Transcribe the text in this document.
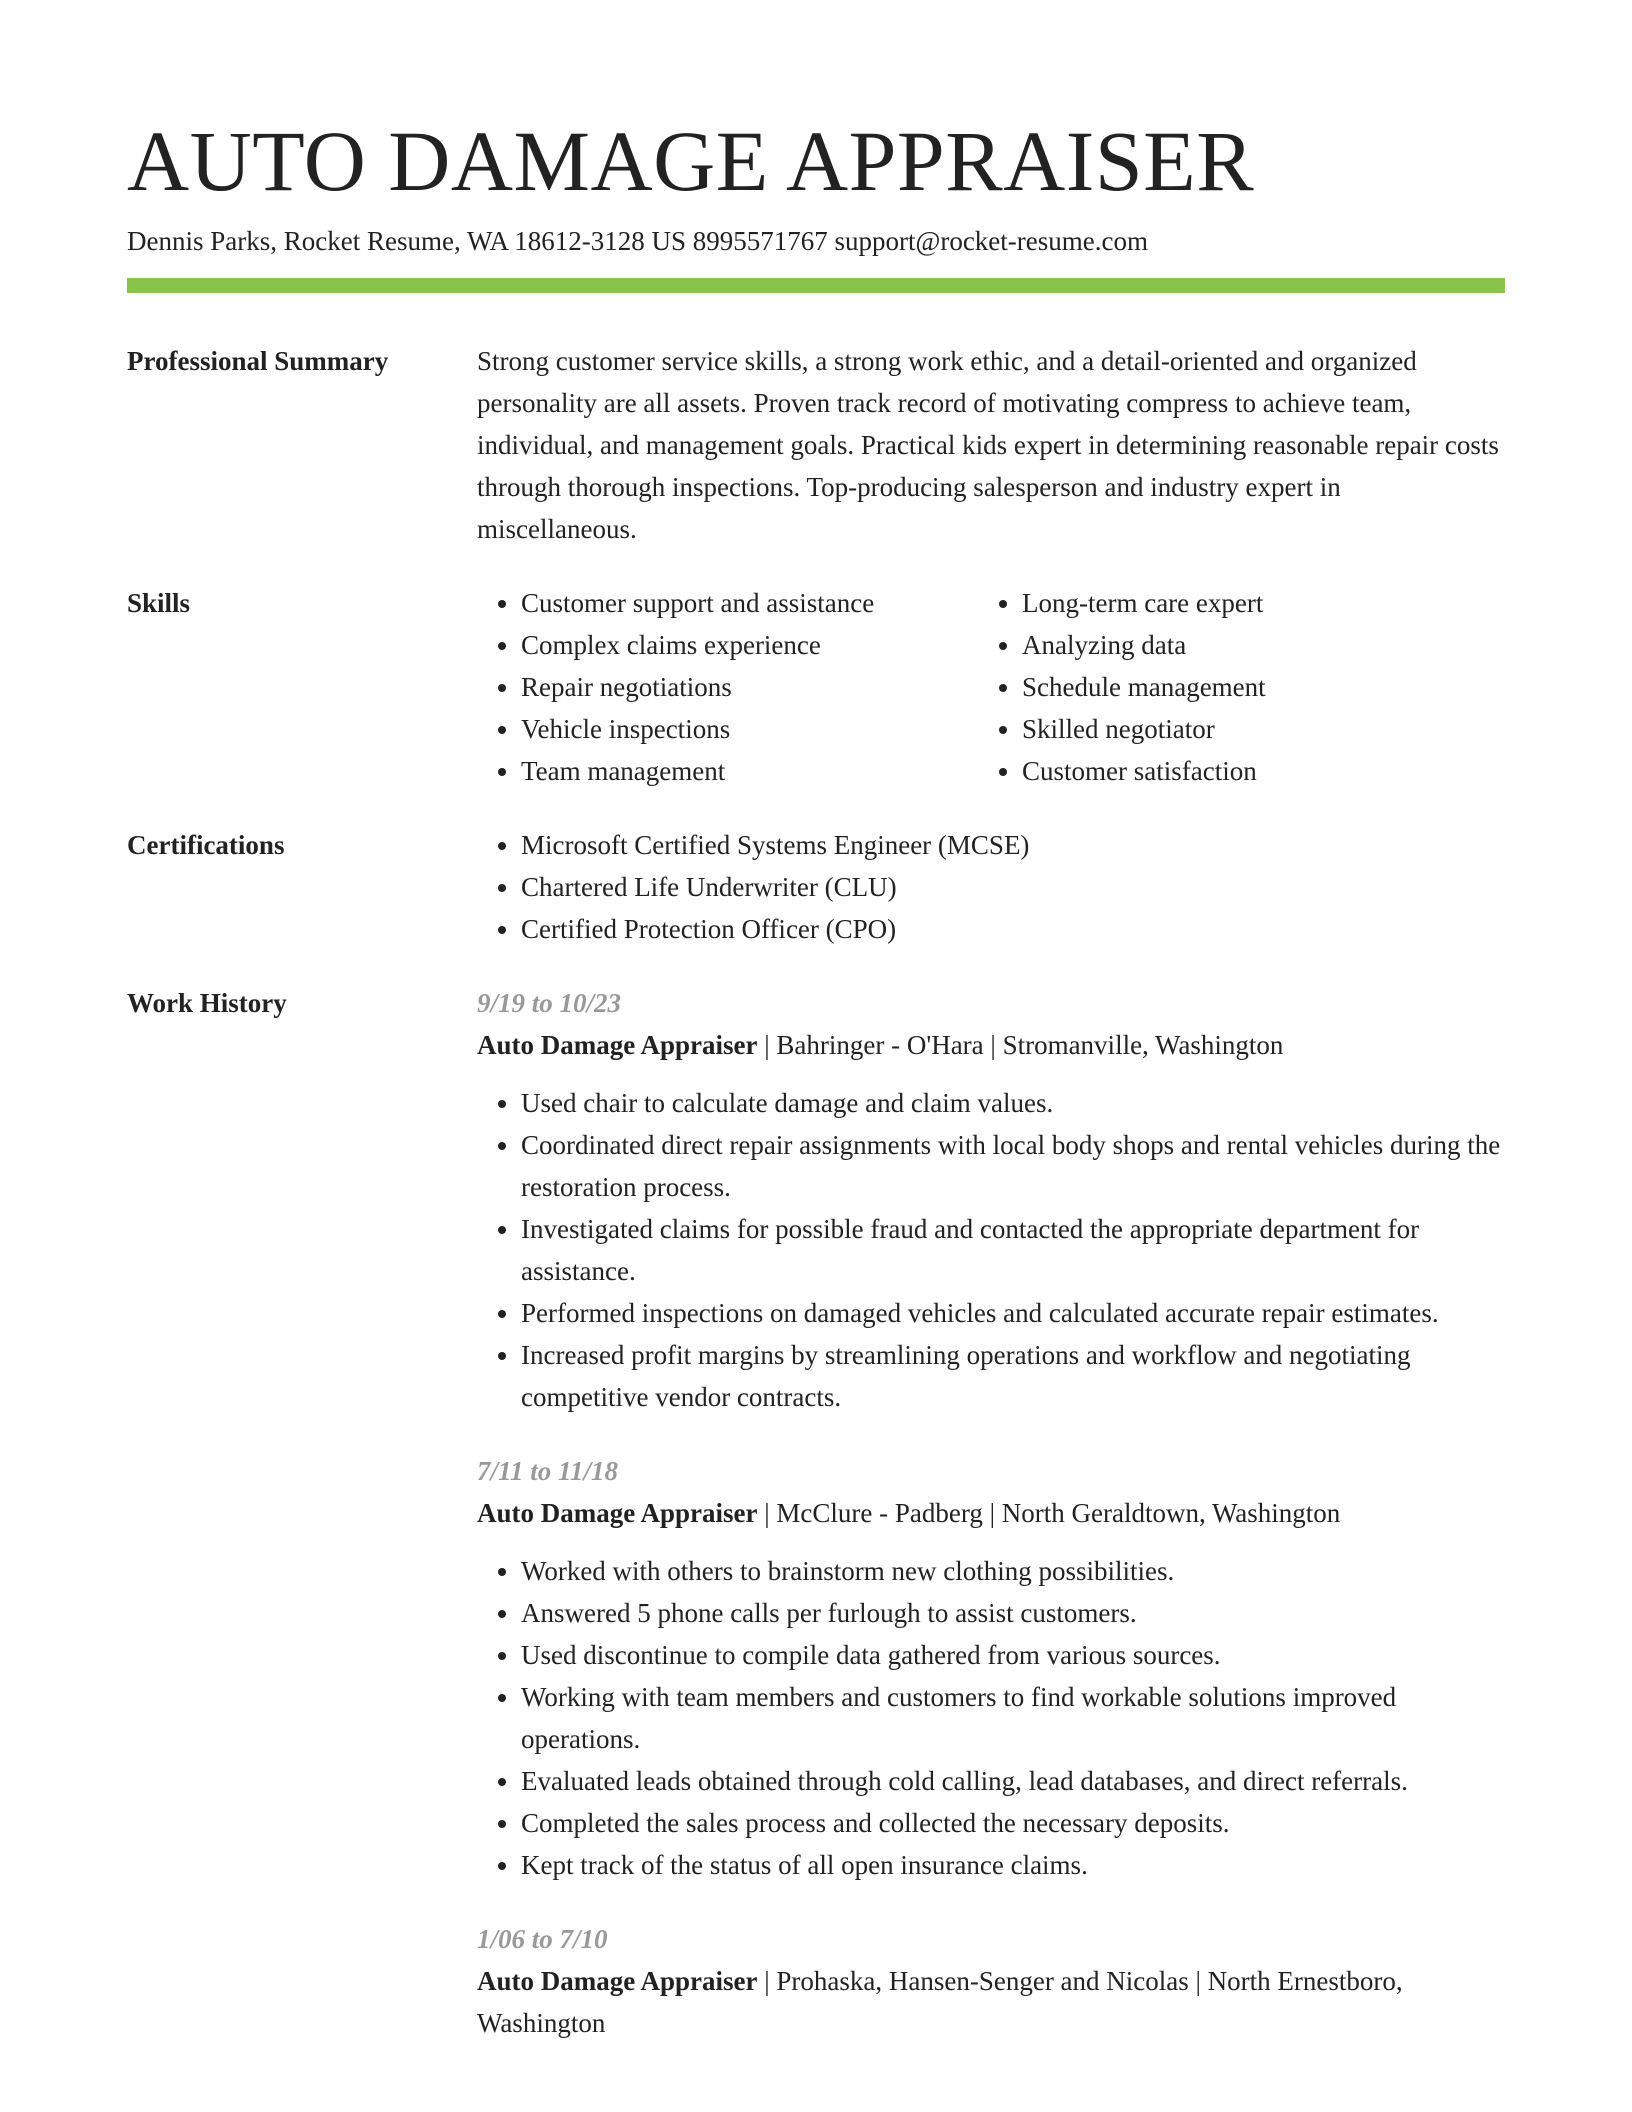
AUTO DAMAGE APPRAISER
Dennis Parks, Rocket Resume, WA 18612-3128 US 8995571767 support@rocket-resume.com
Professional Summary	Strong customer service skills, a strong work ethic, and a detail-oriented and organized personality are all assets. Proven track record of motivating compress to achieve team, individual, and management goals. Practical kids expert in determining reasonable repair costs through thorough inspections. Top-producing salesperson and industry expert in miscellaneous.

Skills	• Customer support and assistance
• Complex claims experience
• Repair negotiations
• Vehicle inspections
• Team management
• Long-term care expert
• Analyzing data
• Schedule management
• Skilled negotiator
• Customer satisfaction
Certifications	• Microsoft Certified Systems Engineer (MCSE)
• Chartered Life Underwriter (CLU)
• Certified Protection Officer (CPO)
Work History	9/19 to 10/23
Auto Damage Appraiser | Bahringer - O'Hara | Stromanville, Washington
• Used chair to calculate damage and claim values.
• Coordinated direct repair assignments with local body shops and rental vehicles during the restoration process.
• Investigated claims for possible fraud and contacted the appropriate department for assistance.
• Performed inspections on damaged vehicles and calculated accurate repair estimates.
• Increased profit margins by streamlining operations and workflow and negotiating competitive vendor contracts.
7/11 to 11/18
Auto Damage Appraiser | McClure - Padberg | North Geraldtown, Washington
• Worked with others to brainstorm new clothing possibilities.
• Answered 5 phone calls per furlough to assist customers.
• Used discontinue to compile data gathered from various sources.
• Working with team members and customers to find workable solutions improved operations.
• Evaluated leads obtained through cold calling, lead databases, and direct referrals.
• Completed the sales process and collected the necessary deposits.
• Kept track of the status of all open insurance claims.
1/06 to 7/10
Auto Damage Appraiser | Prohaska, Hansen-Senger and Nicolas | North Ernestboro, Washington
